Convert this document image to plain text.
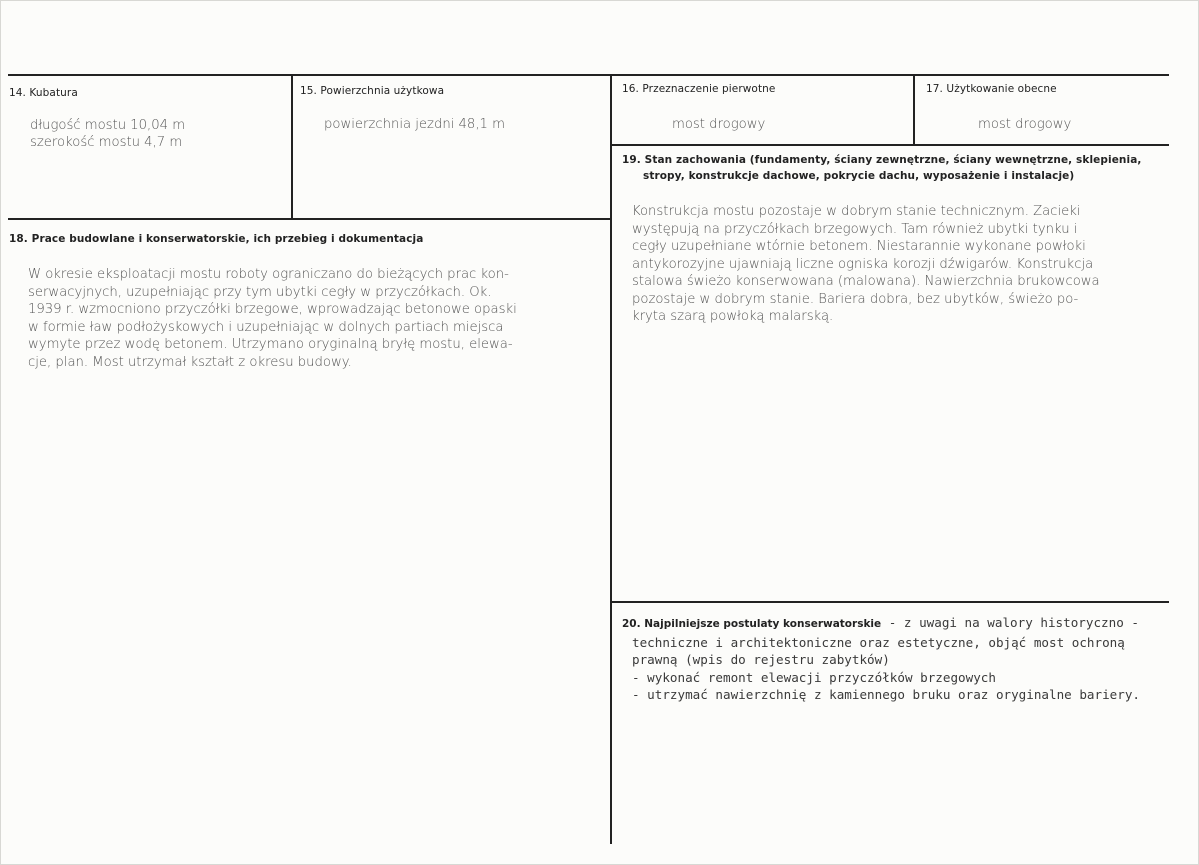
14. Kubatura
długość mostu 10,04 m
szerokość mostu 4,7 m
15. Powierzchnia użytkowa
powierzchnia jezdni 48,1 m
16. Przeznaczenie pierwotne
most drogowy
17. Użytkowanie obecne
most drogowy
18. Prace budowlane i konserwatorskie, ich przebieg i dokumentacja
W okresie eksploatacji mostu roboty ograniczano do bieżących prac kon-
serwacyjnych, uzupełniając przy tym ubytki cegły w przyczółkach. Ok.
1939 r. wzmocniono przyczółki brzegowe, wprowadzając betonowe opaski
w formie ław podłożyskowych i uzupełniając w dolnych partiach miejsca
wymyte przez wodę betonem. Utrzymano oryginalną bryłę mostu, elewa-
cje, plan. Most utrzymał kształt z okresu budowy.
19. Stan zachowania (fundamenty, ściany zewnętrzne, ściany wewnętrzne, sklepienia,
stropy, konstrukcje dachowe, pokrycie dachu, wyposażenie i instalacje)
Konstrukcja mostu pozostaje w dobrym stanie technicznym. Zacieki
występują na przyczółkach brzegowych. Tam również ubytki tynku i
cegły uzupełniane wtórnie betonem. Niestarannie wykonane powłoki
antykorozyjne ujawniają liczne ogniska korozji dźwigarów. Konstrukcja
stalowa świeżo konserwowana (malowana). Nawierzchnia brukowcowa
pozostaje w dobrym stanie. Bariera dobra, bez ubytków, świeżo po-
kryta szarą powłoką malarską.
20. Najpilniejsze postulaty konserwatorskie - z uwagi na walory historyczno -
techniczne i architektoniczne oraz estetyczne, objąć most ochroną
prawną (wpis do rejestru zabytków)
- wykonać remont elewacji przyczółków brzegowych
- utrzymać nawierzchnię z kamiennego bruku oraz oryginalne bariery.
